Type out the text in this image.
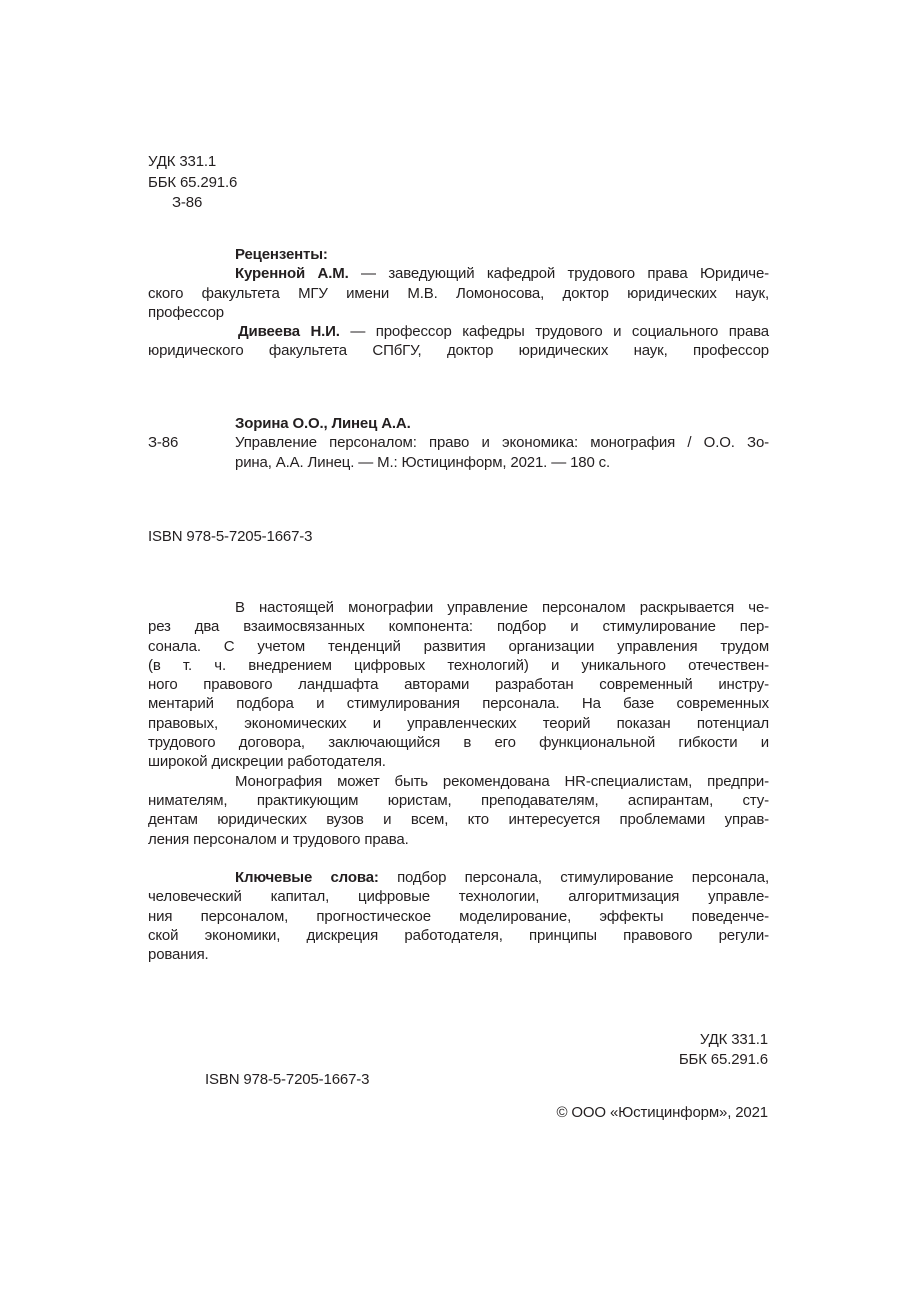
УДК 331.1
ББК 65.291.6
З-86
Рецензенты:
Куренной А.М. — заведующий кафедрой трудового права Юридиче-
ского факультета МГУ имени М.В. Ломоносова, доктор юридических наук,
профессор
Дивеева Н.И. — профессор кафедры трудового и социального права
юридического факультета СПбГУ, доктор юридических наук, профессор
Зорина О.О., Линец А.А.
З-86	Управление персоналом: право и экономика: монография / О.О. Зо-
рина, А.А. Линец. — М.: Юстицинформ, 2021. — 180 с.
ISBN 978-5-7205-1667-3
В настоящей монографии управление персоналом раскрывается че-
рез два взаимосвязанных компонента: подбор и стимулирование пер-
сонала. С учетом тенденций развития организации управления трудом
(в т. ч. внедрением цифровых технологий) и уникального отечествен-
ного правового ландшафта авторами разработан современный инстру-
ментарий подбора и стимулирования персонала. На базе современных
правовых, экономических и управленческих теорий показан потенциал
трудового договора, заключающийся в его функциональной гибкости и
широкой дискреции работодателя.
Монография может быть рекомендована HR-специалистам, предпри-
нимателям, практикующим юристам, преподавателям, аспирантам, сту-
дентам юридических вузов и всем, кто интересуется проблемами управ-
ления персоналом и трудового права.
Ключевые слова: подбор персонала, стимулирование персонала,
человеческий капитал, цифровые технологии, алгоритмизация управле-
ния персоналом, прогностическое моделирование, эффекты поведенче-
ской экономики, дискреция работодателя, принципы правового регули-
рования.
УДК 331.1
ББК 65.291.6
ISBN 978-5-7205-1667-3
© ООО «Юстицинформ», 2021
